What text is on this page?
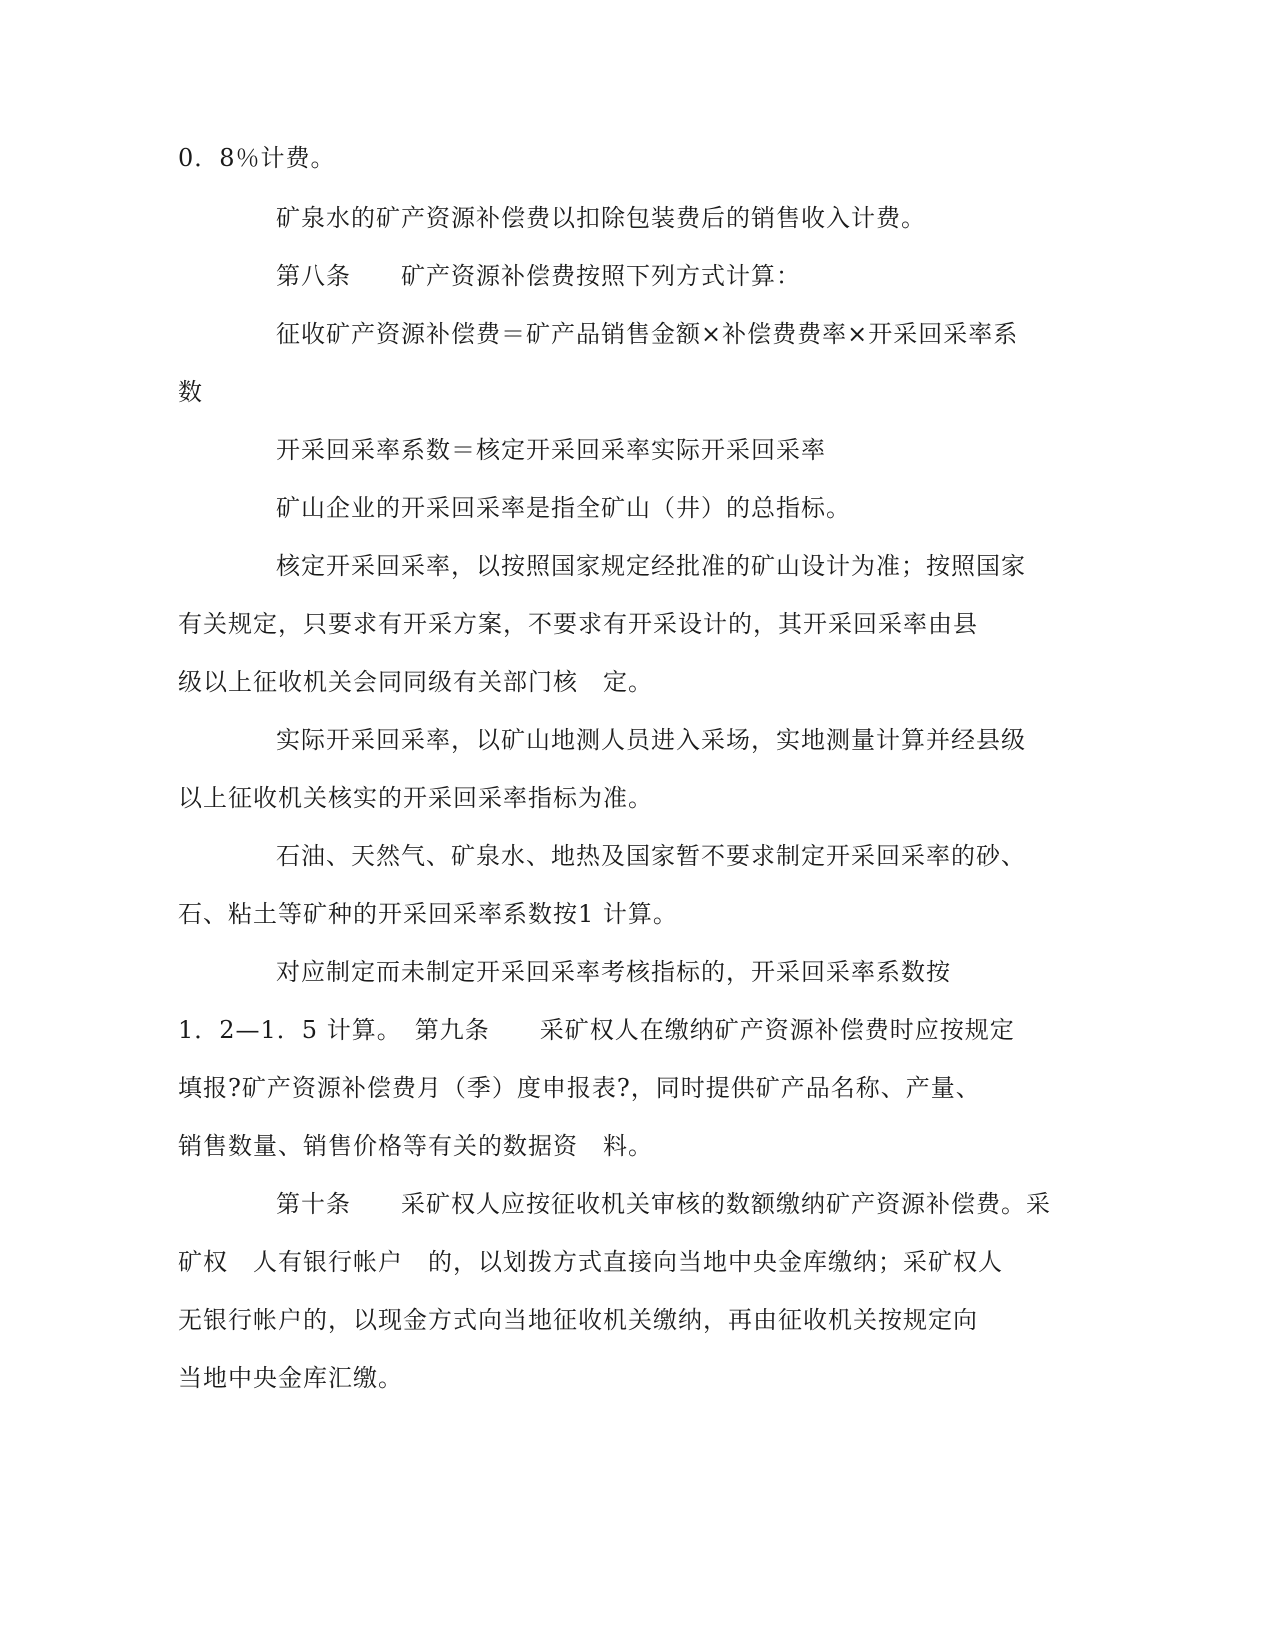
0．8％计费。
矿泉水的矿产资源补偿费以扣除包装费后的销售收入计费。
第八条　　矿产资源补偿费按照下列方式计算：
征收矿产资源补偿费＝矿产品销售金额×补偿费费率×开采回采率系
数
开采回采率系数＝核定开采回采率实际开采回采率
矿山企业的开采回采率是指全矿山（井）的总指标。
核定开采回采率，以按照国家规定经批准的矿山设计为准；按照国家
有关规定，只要求有开采方案，不要求有开采设计的，其开采回采率由县
级以上征收机关会同同级有关部门核　定。
实际开采回采率，以矿山地测人员进入采场，实地测量计算并经县级
以上征收机关核实的开采回采率指标为准。
石油、天然气、矿泉水、地热及国家暂不要求制定开采回采率的砂、
石、粘土等矿种的开采回采率系数按1 计算。
对应制定而未制定开采回采率考核指标的，开采回采率系数按
1．2—1．5 计算。　第九条　　采矿权人在缴纳矿产资源补偿费时应按规定
填报?矿产资源补偿费月（季）度申报表?，同时提供矿产品名称、产量、
销售数量、销售价格等有关的数据资　料。
第十条　　采矿权人应按征收机关审核的数额缴纳矿产资源补偿费。采
矿权　人有银行帐户　的，以划拨方式直接向当地中央金库缴纳；采矿权人
无银行帐户的，以现金方式向当地征收机关缴纳，再由征收机关按规定向
当地中央金库汇缴。
